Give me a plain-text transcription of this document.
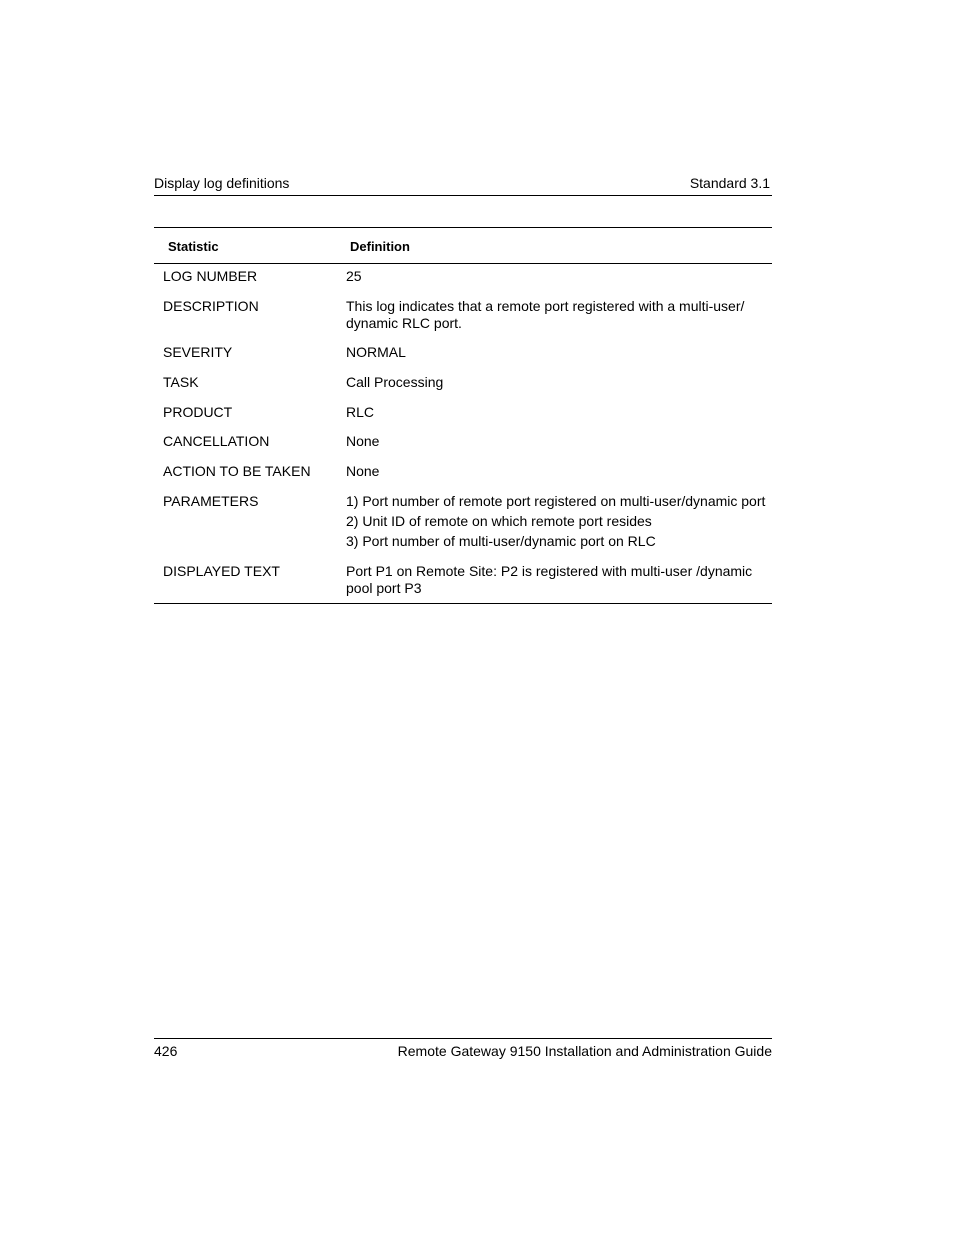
Display log definitions	Standard 3.1
Statistic	Definition
LOG NUMBER	25
DESCRIPTION	This log indicates that a remote port registered with a multi-user/
dynamic RLC port.
SEVERITY	NORMAL
TASK	Call Processing
PRODUCT	RLC
CANCELLATION	None
ACTION TO BE TAKEN	None
PARAMETERS	1) Port number of remote port registered on multi-user/dynamic port
2) Unit ID of remote on which remote port resides
3) Port number of multi-user/dynamic port on RLC
DISPLAYED TEXT	Port P1 on Remote Site: P2 is registered with multi-user /dynamic
pool port P3
426	Remote Gateway 9150 Installation and Administration Guide
